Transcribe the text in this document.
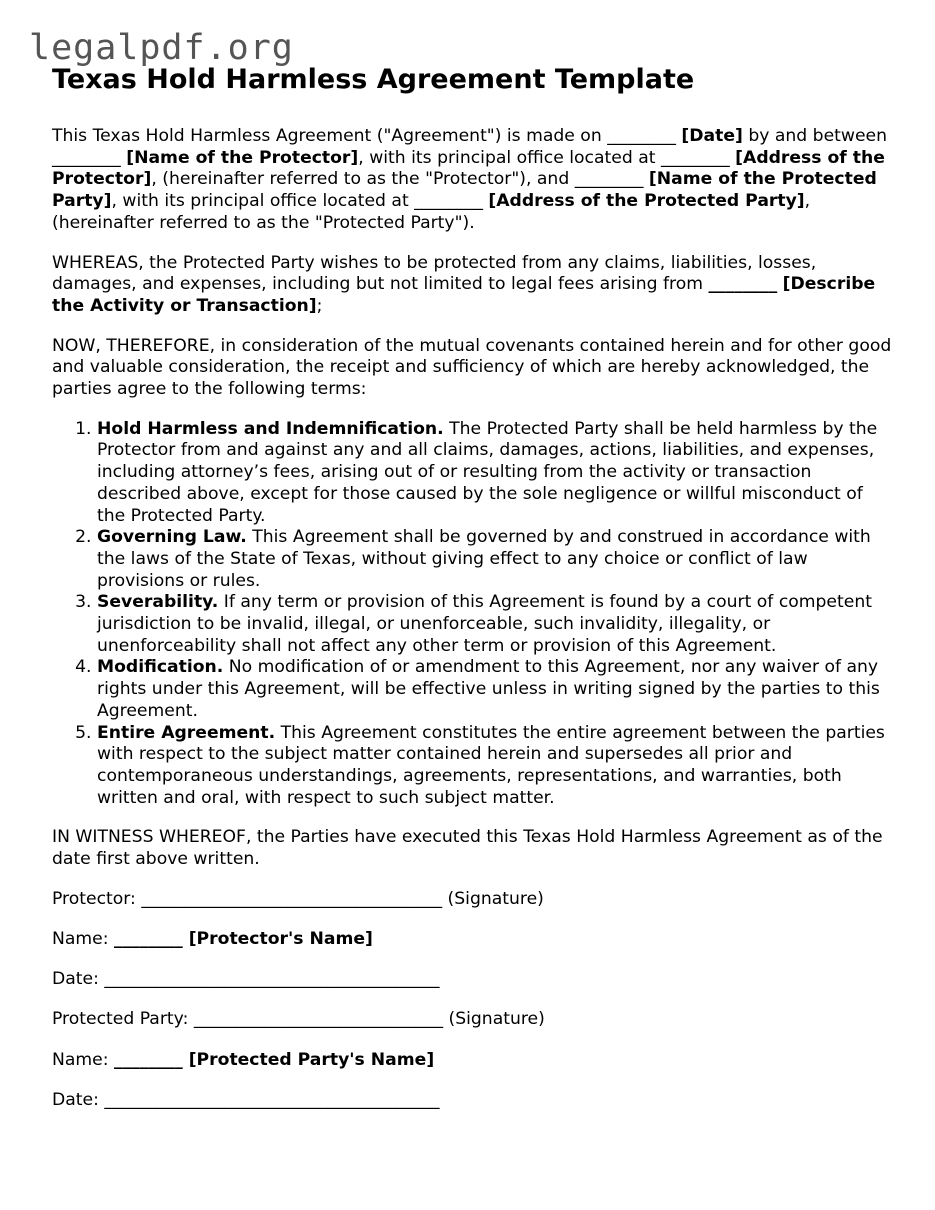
legalpdf.org
Texas Hold Harmless Agreement Template

This Texas Hold Harmless Agreement ("Agreement") is made on ________ [Date] by and between ________ [Name of the Protector], with its principal office located at ________ [Address of the Protector], (hereinafter referred to as the "Protector"), and ________ [Name of the Protected Party], with its principal office located at ________ [Address of the Protected Party], (hereinafter referred to as the "Protected Party").

WHEREAS, the Protected Party wishes to be protected from any claims, liabilities, losses, damages, and expenses, including but not limited to legal fees arising from ________ [Describe the Activity or Transaction];

NOW, THEREFORE, in consideration of the mutual covenants contained herein and for other good and valuable consideration, the receipt and sufficiency of which are hereby acknowledged, the parties agree to the following terms:

1. Hold Harmless and Indemnification. The Protected Party shall be held harmless by the Protector from and against any and all claims, damages, actions, liabilities, and expenses, including attorney’s fees, arising out of or resulting from the activity or transaction described above, except for those caused by the sole negligence or willful misconduct of the Protected Party.
2. Governing Law. This Agreement shall be governed by and construed in accordance with the laws of the State of Texas, without giving effect to any choice or conflict of law provisions or rules.
3. Severability. If any term or provision of this Agreement is found by a court of competent jurisdiction to be invalid, illegal, or unenforceable, such invalidity, illegality, or unenforceability shall not affect any other term or provision of this Agreement.
4. Modification. No modification of or amendment to this Agreement, nor any waiver of any rights under this Agreement, will be effective unless in writing signed by the parties to this Agreement.
5. Entire Agreement. This Agreement constitutes the entire agreement between the parties with respect to the subject matter contained herein and supersedes all prior and contemporaneous understandings, agreements, representations, and warranties, both written and oral, with respect to such subject matter.

IN WITNESS WHEREOF, the Parties have executed this Texas Hold Harmless Agreement as of the date first above written.

Protector: ___________________________________ (Signature)
Name: ________ [Protector's Name]
Date: _______________________________________
Protected Party: _____________________________ (Signature)
Name: ________ [Protected Party's Name]
Date: _______________________________________
